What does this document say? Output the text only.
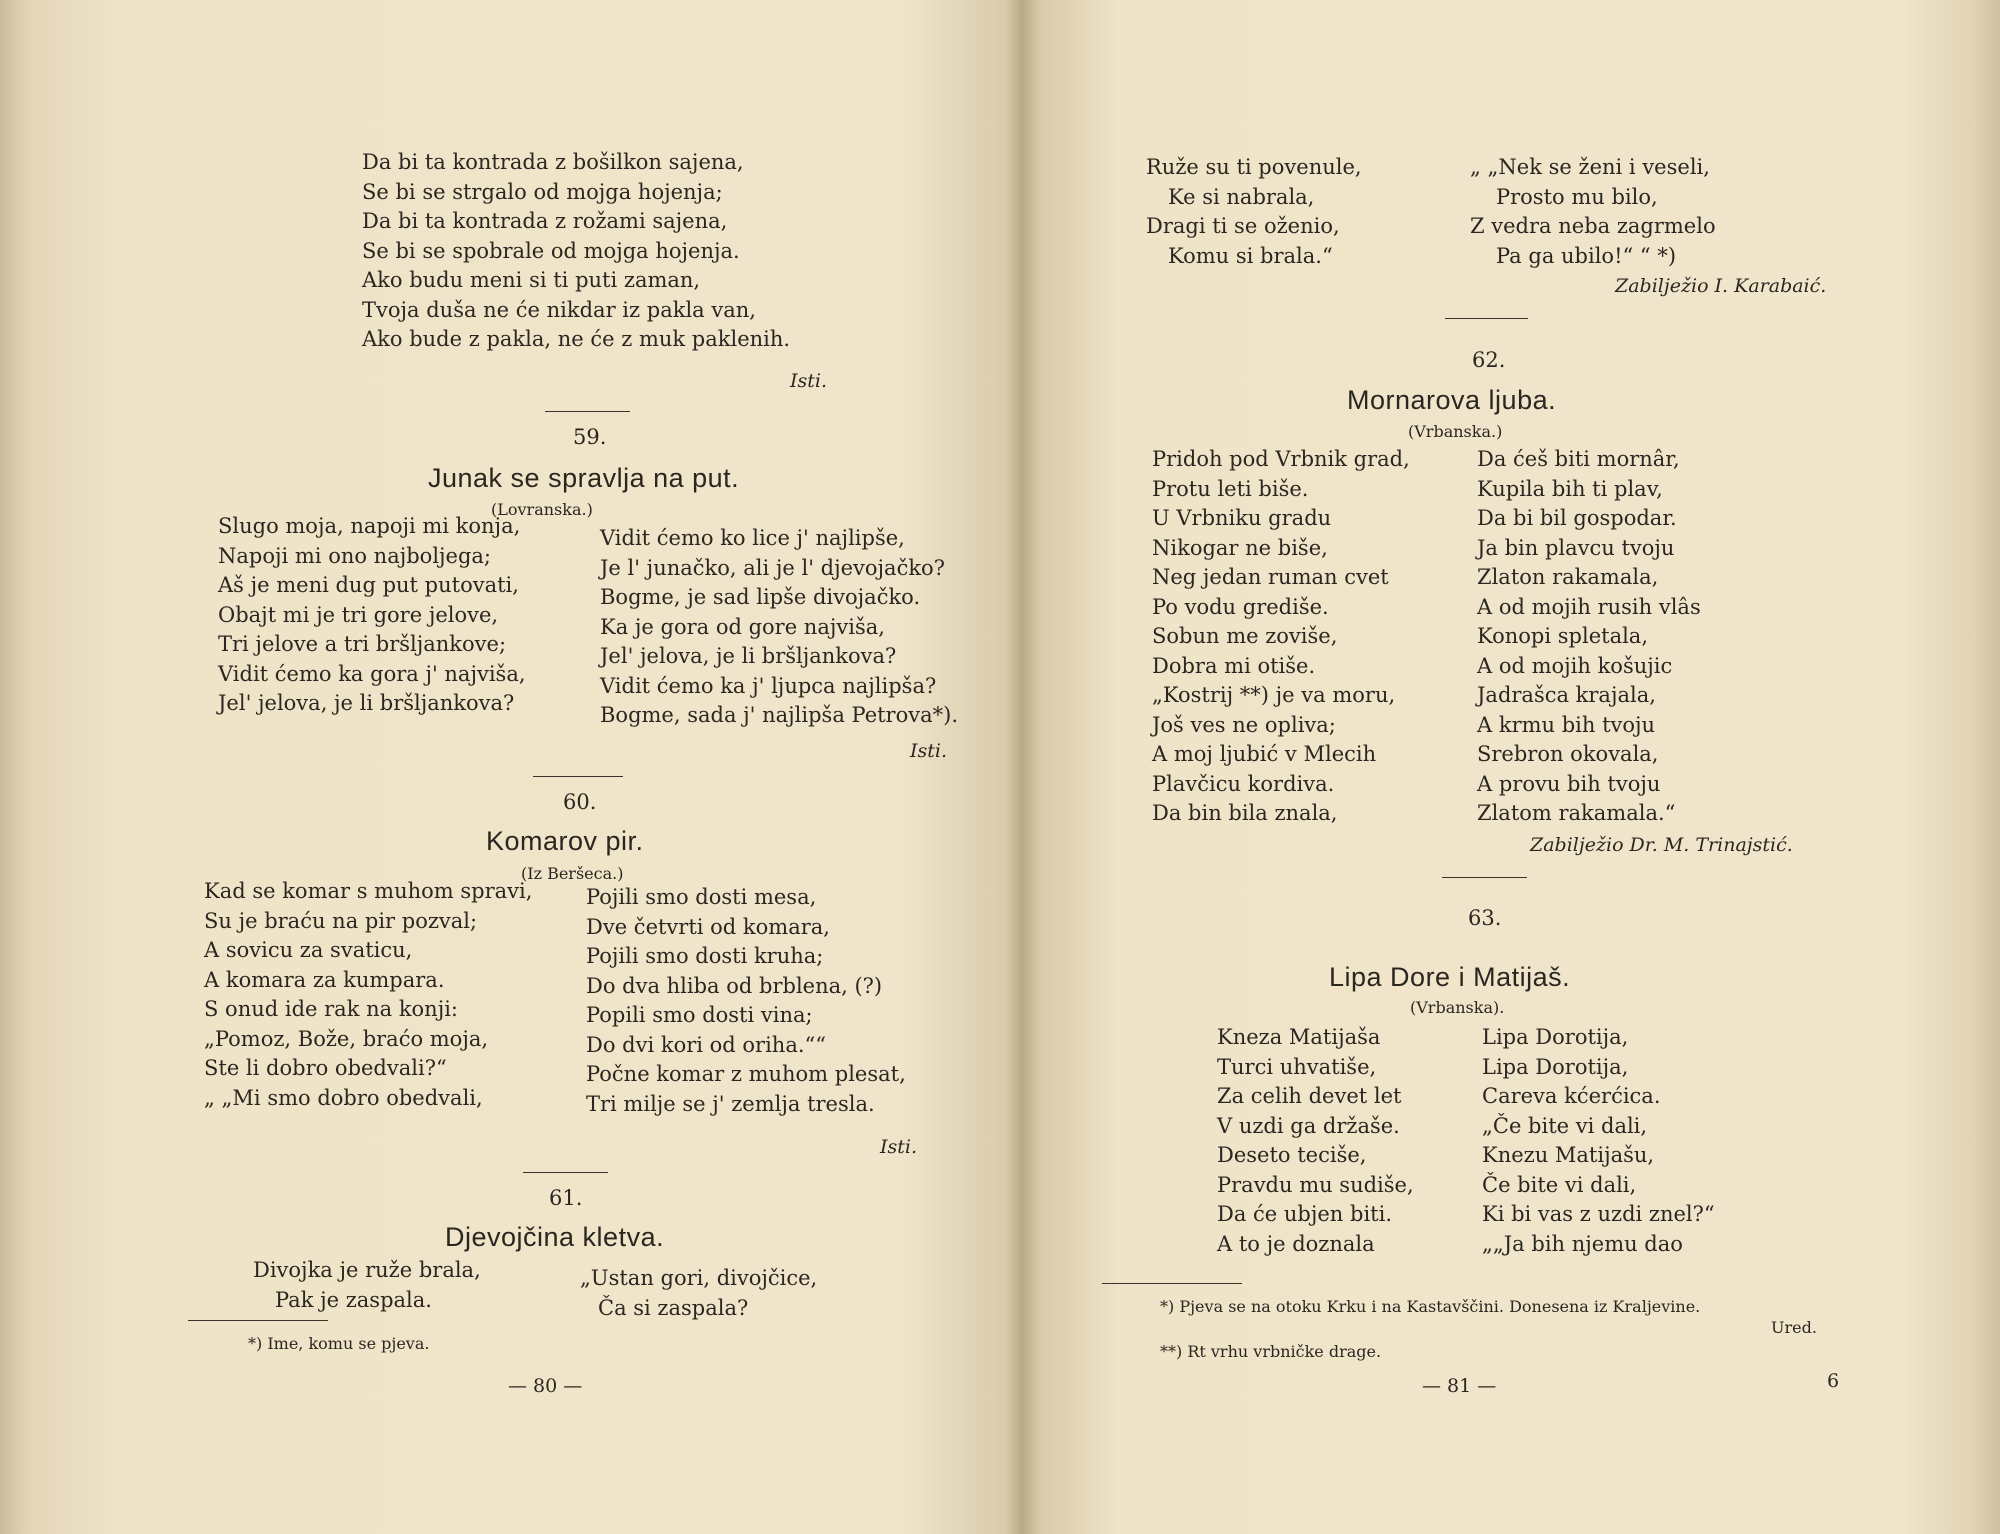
Da bi ta kontrada z bošilkon sajena,
Se bi se strgalo od mojga hojenja;
Da bi ta kontrada z rožami sajena,
Se bi se spobrale od mojga hojenja.
Ako budu meni si ti puti zaman,
Tvoja duša ne će nikdar iz pakla van,
Ako bude z pakla, ne će z muk paklenih.
Isti.
59.
Junak se spravlja na put.
(Lovranska.)
Slugo moja, napoji mi konja,
Napoji mi ono najboljega;
Aš je meni dug put putovati,
Obajt mi je tri gore jelove,
Tri jelove a tri bršljankove;
Vidit ćemo ka gora j' najviša,
Jel' jelova, je li bršljankova?
Vidit ćemo ko lice j' najlipše,
Je l' junačko, ali je l' djevojačko?
Bogme, je sad lipše divojačko.
Ka je gora od gore najviša,
Jel' jelova, je li bršljankova?
Vidit ćemo ka j' ljupca najlipša?
Bogme, sada j' najlipša Petrova*).
Isti.
60.
Komarov pir.
(Iz Beršeca.)
Kad se komar s muhom spravi,
Su je braću na pir pozval;
A sovicu za svaticu,
A komara za kumpara.
S onud ide rak na konji:
„Pomoz, Bože, braćo moja,
Ste li dobro obedvali?“
„ „Mi smo dobro obedvali,
Pojili smo dosti mesa,
Dve četvrti od komara,
Pojili smo dosti kruha;
Do dva hliba od brblena, (?)
Popili smo dosti vina;
Do dvi kori od oriha.““
Počne komar z muhom plesat,
Tri milje se j' zemlja tresla.
Isti.
61.
Djevojčina kletva.
Divojka je ruže brala,
Pak je zaspala.
„Ustan gori, divojčice,
Ča si zaspala?
*) Ime, komu se pjeva.
— 80 —
Ruže su ti povenule,
Ke si nabrala,
Dragi ti se oženio,
Komu si brala.“
„ „Nek se ženi i veseli,
Prosto mu bilo,
Z vedra neba zagrmelo
Pa ga ubilo!“ “ *)
Zabilježio I. Karabaić.
62.
Mornarova ljuba.
(Vrbanska.)
Pridoh pod Vrbnik grad,
Protu leti biše.
U Vrbniku gradu
Nikogar ne biše,
Neg jedan ruman cvet
Po vodu grediše.
Sobun me zoviše,
Dobra mi otiše.
„Kostrij **) je va moru,
Još ves ne opliva;
A moj ljubić v Mlecih
Plavčicu kordiva.
Da bin bila znala,
Da ćeš biti mornâr,
Kupila bih ti plav,
Da bi bil gospodar.
Ja bin plavcu tvoju
Zlaton rakamala,
A od mojih rusih vlâs
Konopi spletala,
A od mojih košujic
Jadrašca krajala,
A krmu bih tvoju
Srebron okovala,
A provu bih tvoju
Zlatom rakamala.“
Zabilježio Dr. M. Trinajstić.
63.
Lipa Dore i Matijaš.
(Vrbanska).
Kneza Matijaša
Turci uhvatiše,
Za celih devet let
V uzdi ga držaše.
Deseto tecišе,
Pravdu mu sudiše,
Da će ubjen biti.
A to je doznala
Lipa Dorotija,
Lipa Dorotija,
Careva kćerćica.
„Če bite vi dali,
Knezu Matijašu,
Če bite vi dali,
Ki bi vas z uzdi znel?“
„„Ja bih njemu dao
*) Pjeva se na otoku Krku i na Kastavščini. Donesena iz Kraljevine.
Ured.
**) Rt vrhu vrbničke drage.
— 81 —	6
